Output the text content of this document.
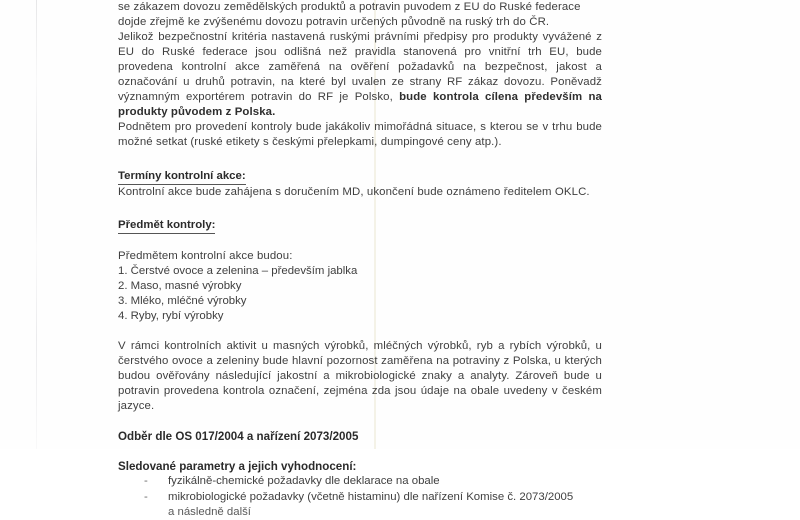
se zákazem dovozu zemědělských produktů a potravin puvodem z EU do Ruské federace

dojde zřejmě ke zvýšenému dovozu potravin určených původně na ruský trh do ČR.

Jelikož bezpečnostní kritéria nastavená ruskými právními předpisy pro produkty vyvážené z EU do Ruské federace jsou odlišná než pravidla stanovená pro vnitřní trh EU, bude provedena kontrolní akce zaměřená na ověření požadavků na bezpečnost, jakost a označování u druhů potravin, na které byl uvalen ze strany RF zákaz dovozu. Poněvadž významným exportérem potravin do RF je Polsko, bude kontrola cílena především na produkty původem z Polska.

Podnětem pro provedení kontroly bude jakákoliv mimořádná situace, s kterou se v trhu bude možné setkat (ruské etikety s českými přelepkami, dumpingové ceny atp.).

Termíny kontrolní akce:

Kontrolní akce bude zahájena s doručením MD, ukončení bude oznámeno ředitelem OKLC.

Předmět kontroly:

Předmětem kontrolní akce budou:

1. Čerstvé ovoce a zelenina – především jablka
2. Maso, masné výrobky
3. Mléko, mléčné výrobky
4. Ryby, rybí výrobky

V rámci kontrolních aktivit u masných výrobků, mléčných výrobků, ryb a rybích výrobků, u čerstvého ovoce a zeleniny bude hlavní pozornost zaměřena na potraviny z Polska, u kterých budou ověřovány následující jakostní a mikrobiologické znaky a analyty. Zároveň bude u potravin provedena kontrola označení, zejména zda jsou údaje na obale uvedeny v českém jazyce.

Odběr dle OS 017/2004 a nařízení 2073/2005

Sledované parametry a jejich vyhodnocení:

- fyzikálně-chemické požadavky dle deklarace na obale
- mikrobiologické požadavky (včetně histaminu) dle nařízení Komise č. 2073/2005
a následně další
